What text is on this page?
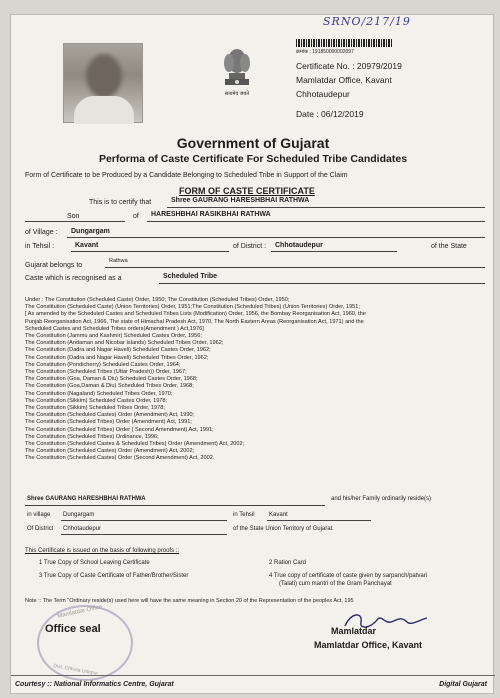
SRNO/217/19
सत्यमेव जयते
क्रमांक : 191850000002097
Certificate No. : 20979/2019
Mamlatdar Office, Kavant
Chhotaudepur
Date : 06/12/2019
Government of Gujarat
Performa of Caste Certificate For Scheduled Tribe Candidates
Form of Certificate to be Produced by a Candidate Belonging to Scheduled Tribe in Support of the Claim
FORM OF CASTE CERTIFICATE
This is to certify that	Shree GAURANG HARESHBHAI RATHWA
Son	of HARESHBHAI RASIKBHAI RATHWA
of Village : Dungargam
in Tehsil :	Kavant	of District : Chhotaudepur	of the State
Gujarat belongs to
Rathwa
Caste which is recognised as a	Scheduled Tribe
Under : The Constitution (Scheduled Caste) Order, 1950; The Constitution (Scheduled Tribes) Order, 1950;
The Constitution (Scheduled Caste) (Union Territories) Order, 1951;The Constitution (Scheduled Tribes) (Union Territories) Order, 1951;
[ As amended by the Scheduled Castes and Scheduled Tribes Lists (Modification) Order, 1956, the Bombay Reorganisation Act, 1960, the
Punjab Reorganisation Act, 1966, The state of Himachal Pradesh Act, 1970, The North Eastern Areas (Reorganisation Act, 1971) and the
Scheduled Castes and Scheduled Tribes orders(Amendment ) Act,1976]
The Constitution (Jammu and Kashmir) Scheduled Castes Order, 1956;
The Constitution (Andaman and Nicobar Islands) Scheduled Tribes Order, 1962;
The Constitution (Dadra and Nagar Haveli) Scheduled Castes Order, 1962;
The Constitution (Dadra and Nagar Haveli) Scheduled Tribes Order, 1962;
The Constitution (Pondicherry) Scheduled Castes Order, 1964;
The Constitution (Scheduled Tribes (Uttar Pradesh)) Order, 1967;
The Constitution (Goa, Daman & Diu) Scheduled Castes Order, 1968;
The Constitution (Goa,Daman & Diu) Scheduled Tribes Order, 1968;
The Constitution (Nagaland) Scheduled Tribes Order, 1970;
The Constitution (Sikkim) Scheduled Castes Order, 1978;
The Constitution (Sikkim) Scheduled Tribes Order, 1978;
The Constitution (Scheduled Castes) Order (Amendment) Act, 1990;
The Constitution (Scheduled Tribes) Order (Amendment) Act, 1991;
The Constitution (Scheduled Tribes) Order ( Second Amendment) Act, 1991;
The Constitution (Scheduled Tribes) Ordinance, 1996;
The Constitution (Scheduled Castes & Scheduled Tribes) Order (Amendment) Act, 2002;
The Constitution (Scheduled Castes) Order (Amendment) Act, 2002;
The Constitution (Scheduled Castes) Order (Second Amendment) Act, 2002.
Shree GAURANG HARESHBHAI RATHWA	and his/her Family ordinarily reside(s)
in village Dungargam	in Tehsil Kavant
Of District Chhotaudepur	of the State Union Territory of Gujarat.
This Certificate is issued on the basis of following proofs ::
1 True Copy of School Leaving Certificate	2 Ration Card
3 True Copy of Caste Certificate of Father/Brother/Sister	4 True copy of certificate of caste given by sarpanch/patvari
(Talati) cum mantri of the Gram Panchayat
Note :: The Term "Ordinary reside(s) used here will have the same meaning in Section 20 of the Representation of the peoples Act, 195
Mamlatdar Office
Dist. Chhota Udepur
Office seal	Mamlatdar
Mamlatdar Office, Kavant
Courtesy :: National Informatics Centre, Gujarat	Digital Gujarat
